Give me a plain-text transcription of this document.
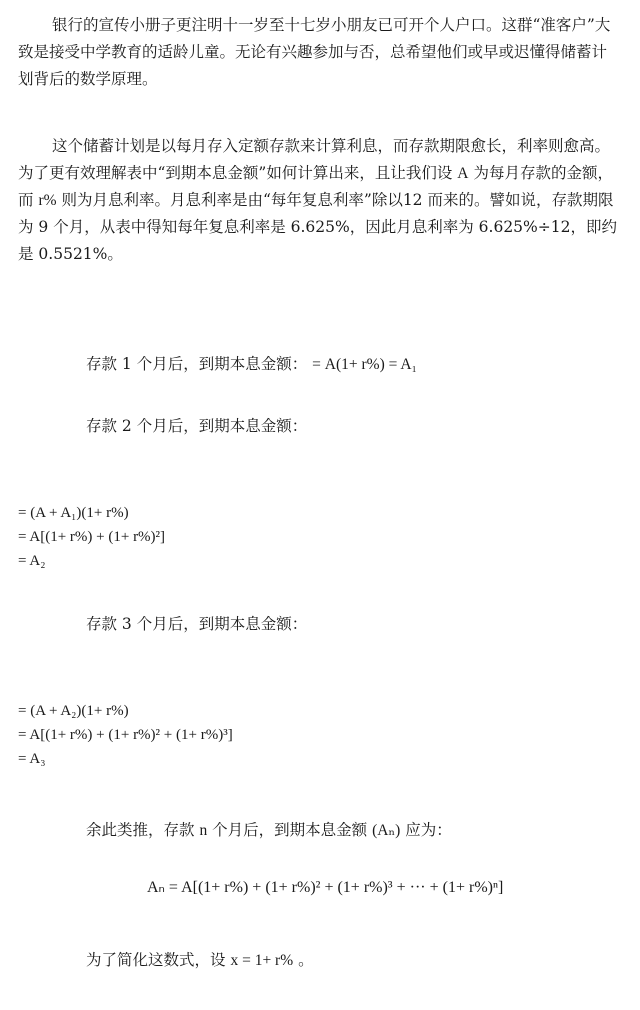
银行的宣传小册子更注明十一岁至十七岁小朋友已可开个人户口。这群“准客户”大致是接受中学教育的适龄儿童。无论有兴趣参加与否，总希望他们或早或迟懂得储蓄计划背后的数学原理。

这个储蓄计划是以每月存入定额存款来计算利息，而存款期限愈长，利率则愈高。为了更有效理解表中“到期本息金额”如何计算出来，且让我们设 A 为每月存款的金额，而 r% 则为月息利率。月息利率是由“每年复息利率”除以12 而来的。譬如说，存款期限为 9 个月，从表中得知每年复息利率是 6.625%，因此月息利率为 6.625%÷12，即约是 0.5521%。

存款 1 个月后，到期本息金额： = A(1+ r%) = A₁
存款 2 个月后，到期本息金额：
= (A + A₁)(1+ r%)
= A[(1+ r%) + (1+ r%)²]
= A₂
存款 3 个月后，到期本息金额：
= (A + A₂)(1+ r%)
= A[(1+ r%) + (1+ r%)² + (1+ r%)³]
= A₃
余此类推，存款 n 个月后，到期本息金额 (Aₙ) 应为：
Aₙ = A[(1+ r%) + (1+ r%)² + (1+ r%)³ + ··· + (1+ r%)ⁿ]
为了简化这数式，设 x = 1+ r% 。
